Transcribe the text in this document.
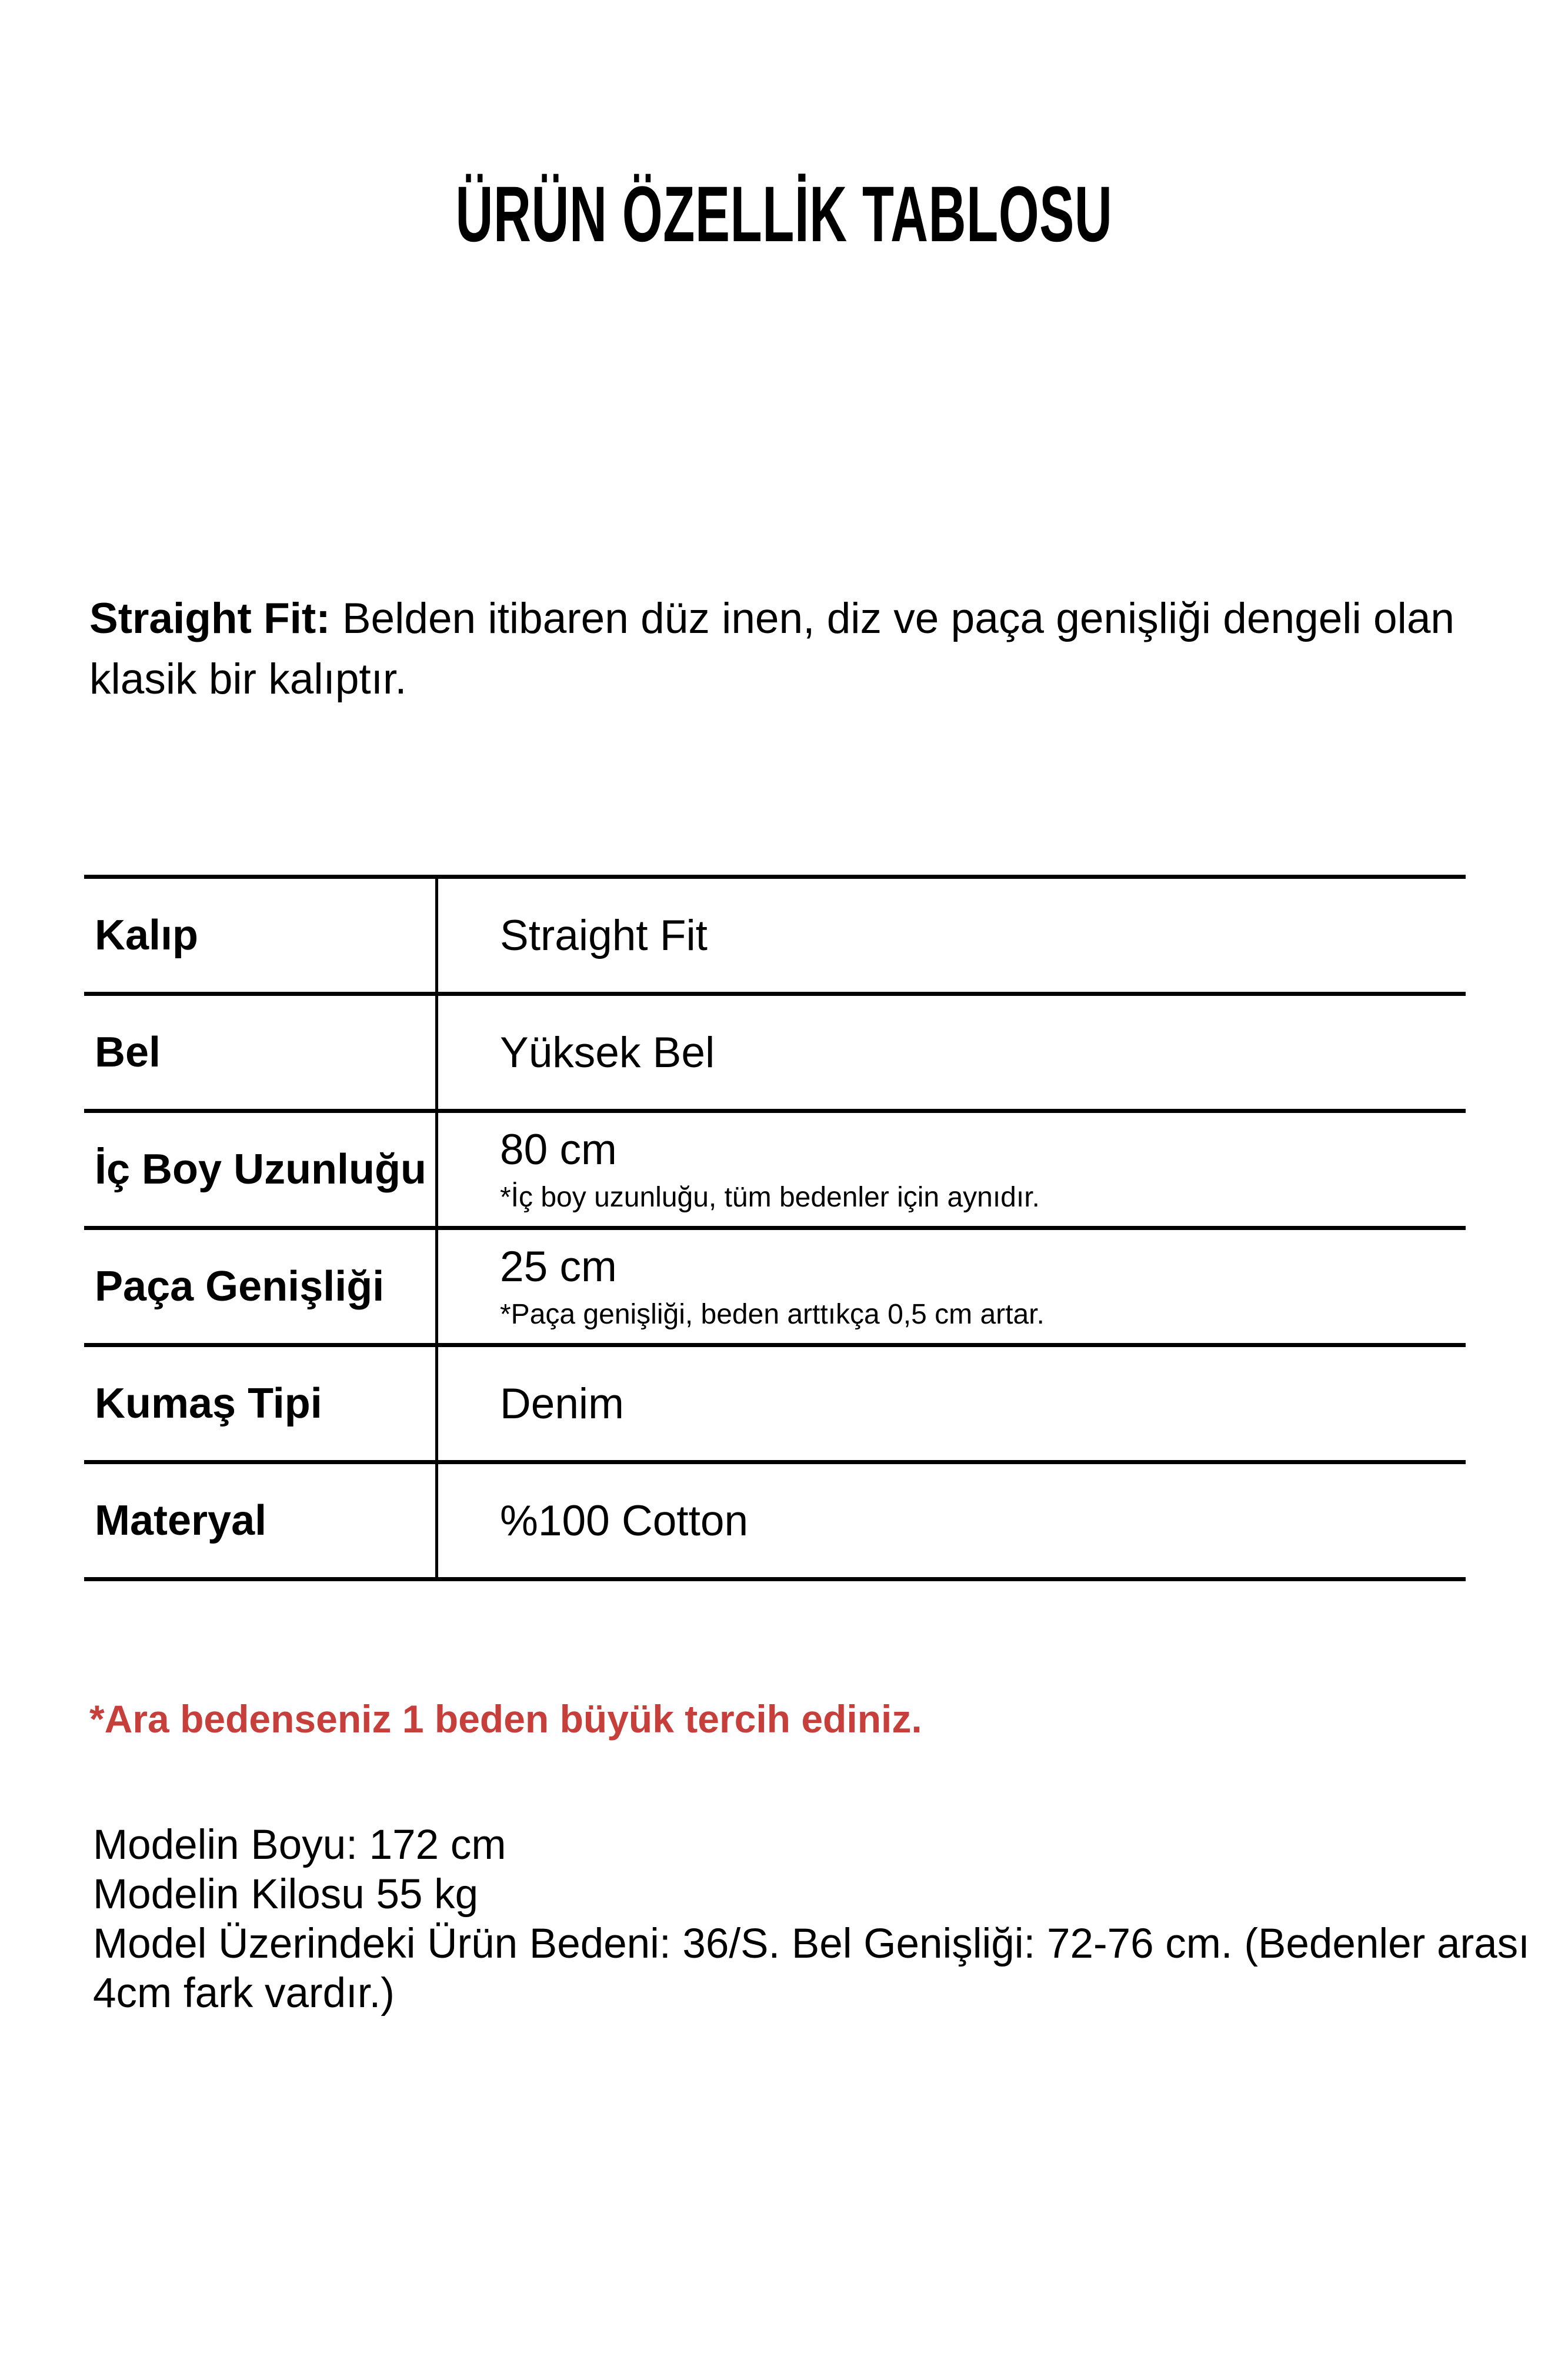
ÜRÜN ÖZELLİK TABLOSU

Straight Fit: Belden itibaren düz inen, diz ve paça genişliği dengeli olan klasik bir kalıptır.

Kalıp	Straight Fit
Bel	Yüksek Bel
İç Boy Uzunluğu 80 cm
*İç boy uzunluğu, tüm bedenler için aynıdır.
Paça Genişliği	25 cm
*Paça genişliği, beden arttıkça 0,5 cm artar.
Kumaş Tipi	Denim
Materyal	%100 Cotton
*Ara bedenseniz 1 beden büyük tercih ediniz.
Modelin Boyu: 172 cm
Modelin Kilosu 55 kg
Model Üzerindeki Ürün Bedeni: 36/S. Bel Genişliği: 72-76 cm. (Bedenler arası 4cm fark vardır.)
